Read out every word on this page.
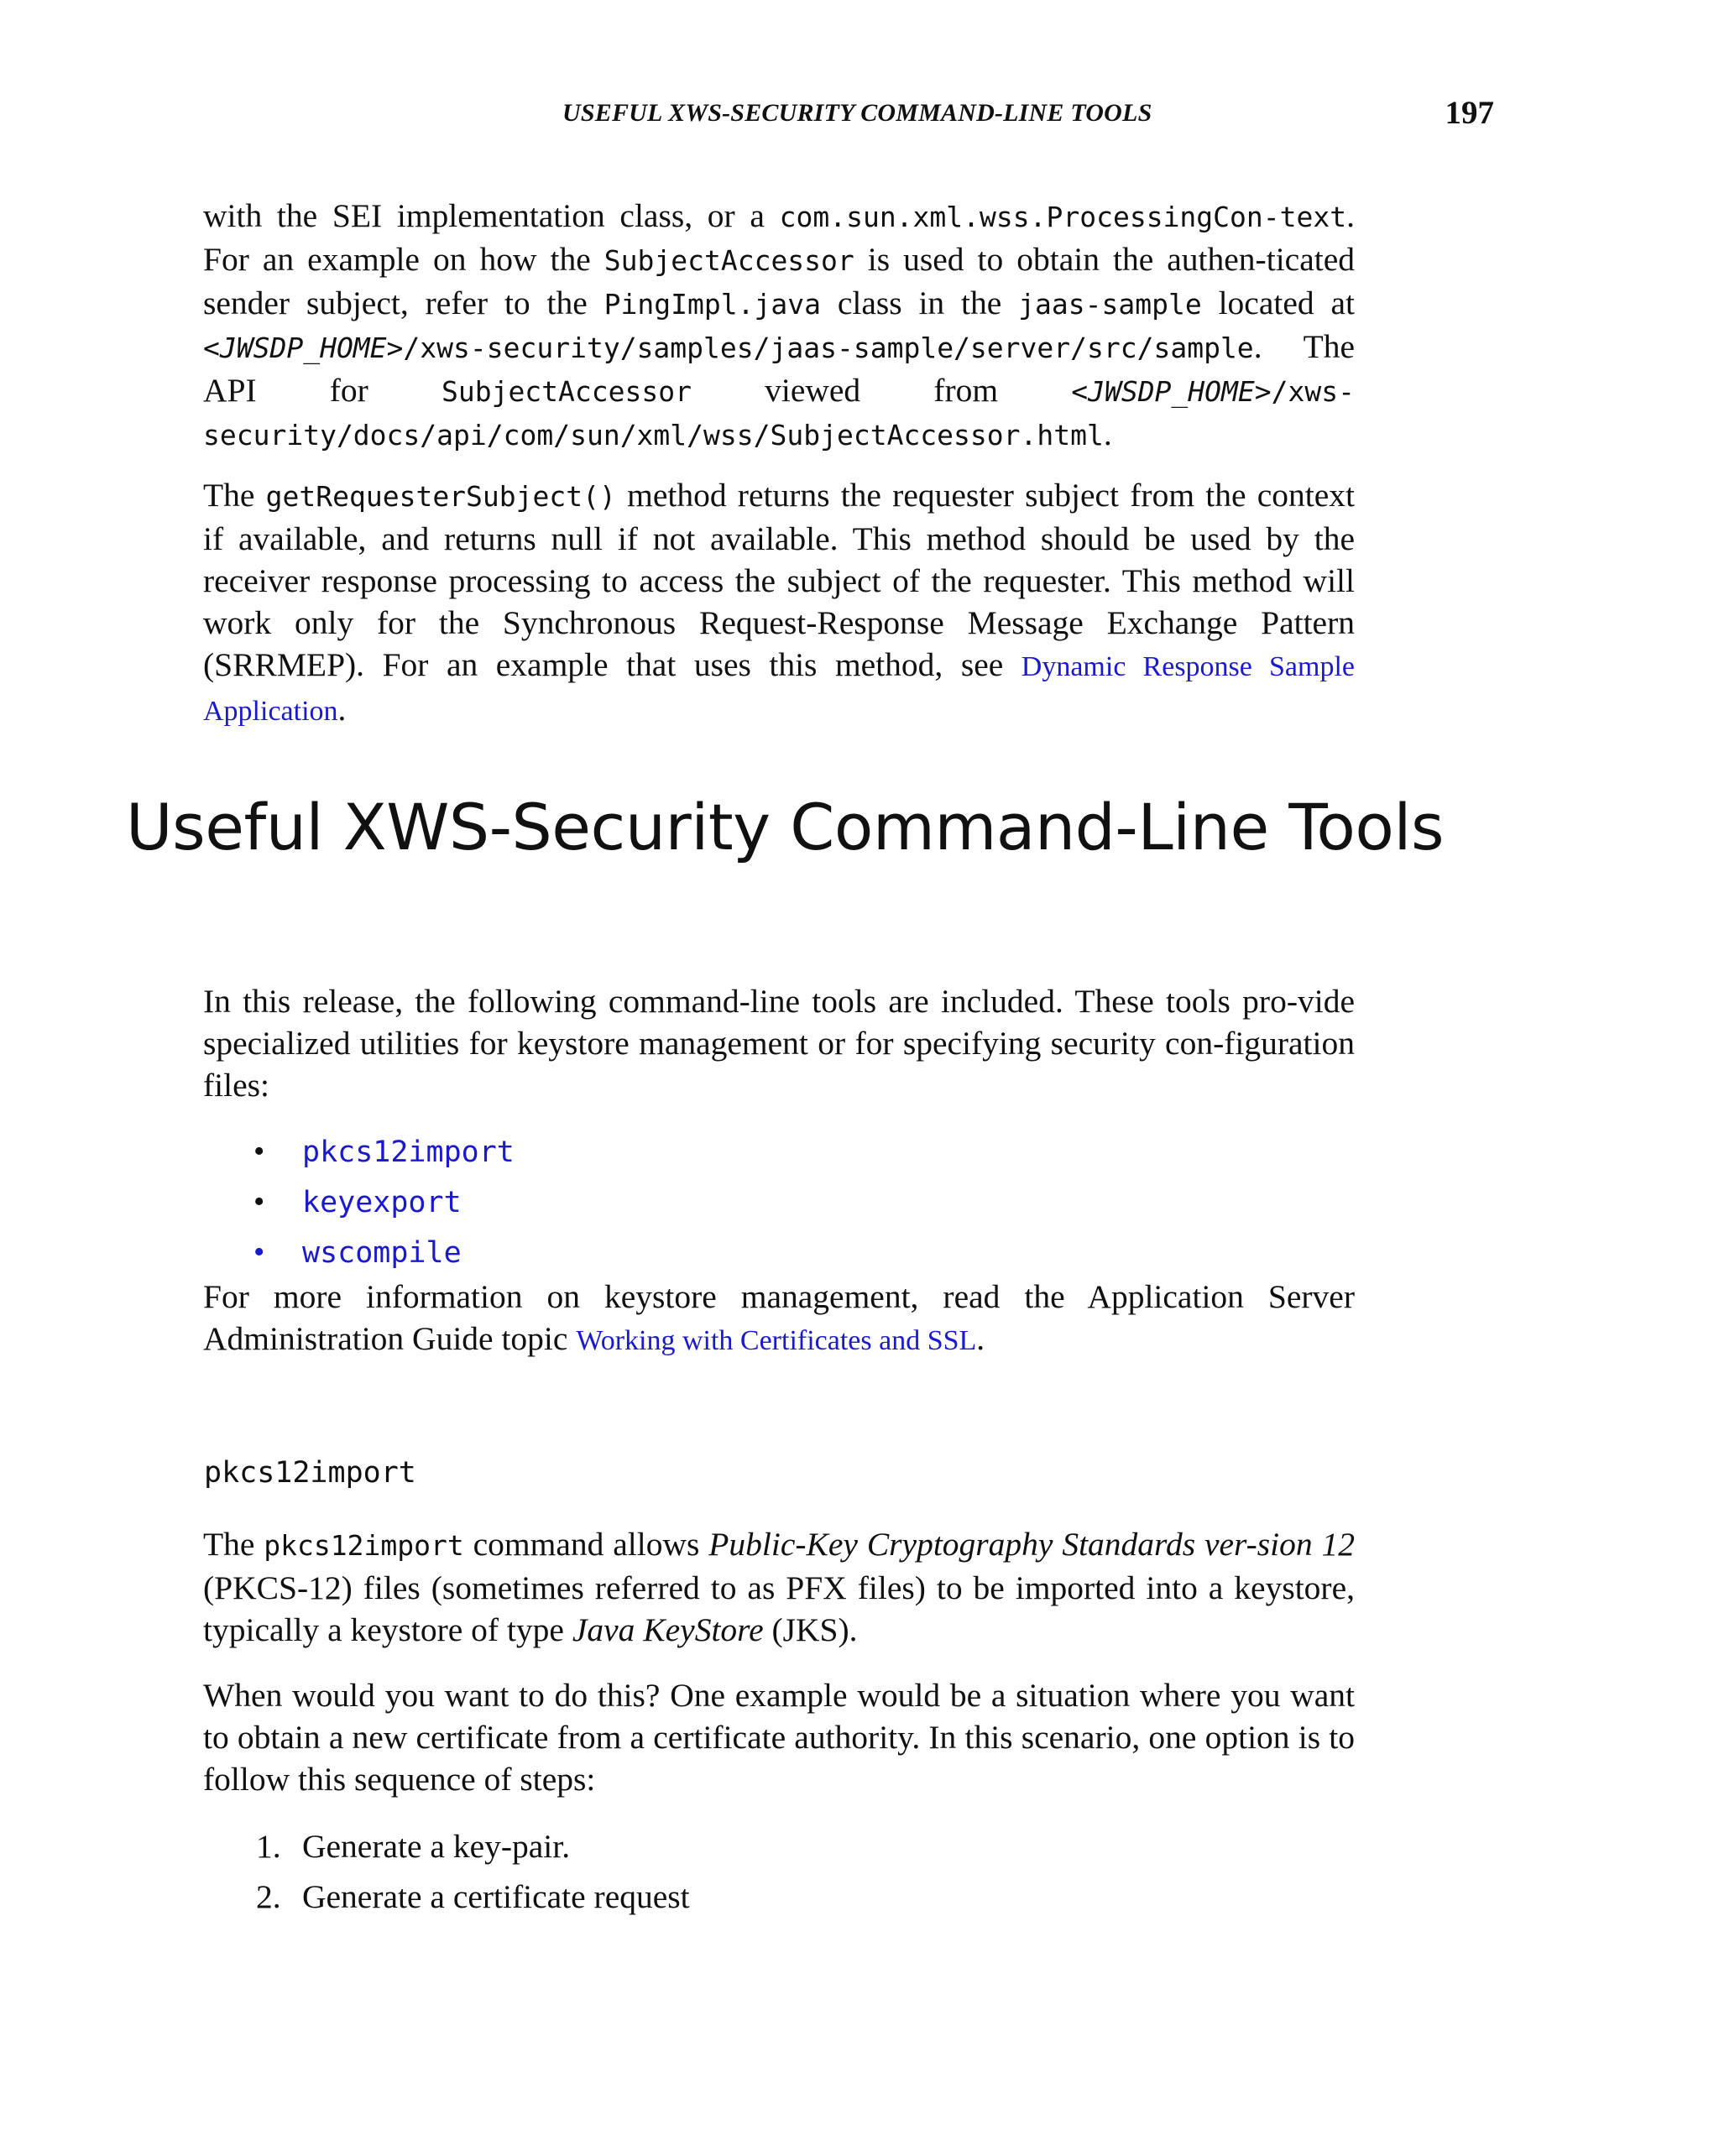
USEFUL XWS-SECURITY COMMAND-LINE TOOLS	197

with the SEI implementation class, or a com.sun.xml.wss.ProcessingCon-text. For an example on how the SubjectAccessor is used to obtain the authen-ticated sender subject, refer to the PingImpl.java class in the jaas-sample located at <JWSDP_HOME>/xws-security/samples/jaas-sample/server/src/sample. The API for SubjectAccessor viewed from <JWSDP_HOME>/xws-security/docs/api/com/sun/xml/wss/SubjectAccessor.html.

The getRequesterSubject() method returns the requester subject from the context if available, and returns null if not available. This method should be used by the receiver response processing to access the subject of the requester. This method will work only for the Synchronous Request-Response Message Exchange Pattern (SRRMEP). For an example that uses this method, see Dynamic Response Sample Application.

Useful XWS-Security Command-Line Tools

In this release, the following command-line tools are included. These tools pro-vide specialized utilities for keystore management or for specifying security con-figuration files:

• pkcs12import
• keyexport
• wscompile

For more information on keystore management, read the Application Server Administration Guide topic Working with Certificates and SSL.

pkcs12import

The pkcs12import command allows Public-Key Cryptography Standards ver-sion 12 (PKCS-12) files (sometimes referred to as PFX files) to be imported into a keystore, typically a keystore of type Java KeyStore (JKS).

When would you want to do this? One example would be a situation where you want to obtain a new certificate from a certificate authority. In this scenario, one option is to follow this sequence of steps:

1. Generate a key-pair.
2. Generate a certificate request
